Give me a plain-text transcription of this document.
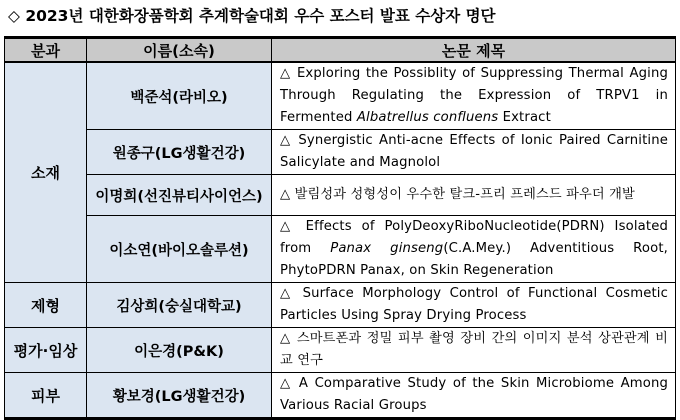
◇ 2023년 대한화장품학회 추계학술대회 우수 포스터 발표 수상자 명단
분과	이름(소속)	논문 제목
소재	백준석(라비오)	△ Exploring the Possiblity of Suppressing Thermal Aging Through Regulating the Expression of TRPV1 in Fermented Albatrellus confluens Extract
	원종구(LG생활건강)	△ Synergistic Anti-acne Effects of Ionic Paired Carnitine Salicylate and Magnolol
	이명희(선진뷰티사이언스)	△ 발림성과 성형성이 우수한 탈크-프리 프레스드 파우더 개발
	이소연(바이오솔루션)	△ Effects of PolyDeoxyRiboNucleotide(PDRN) Isolated from Panax ginseng(C.A.Mey.) Adventitious Root, PhytoPDRN Panax, on Skin Regeneration
제형	김상희(숭실대학교)	△ Surface Morphology Control of Functional Cosmetic Particles Using Spray Drying Process
평가·임상	이은경(P&K)	△ 스마트폰과 정밀 피부 촬영 장비 간의 이미지 분석 상관관계 비교 연구
피부	황보경(LG생활건강)	△ A Comparative Study of the Skin Microbiome Among Various Racial Groups
